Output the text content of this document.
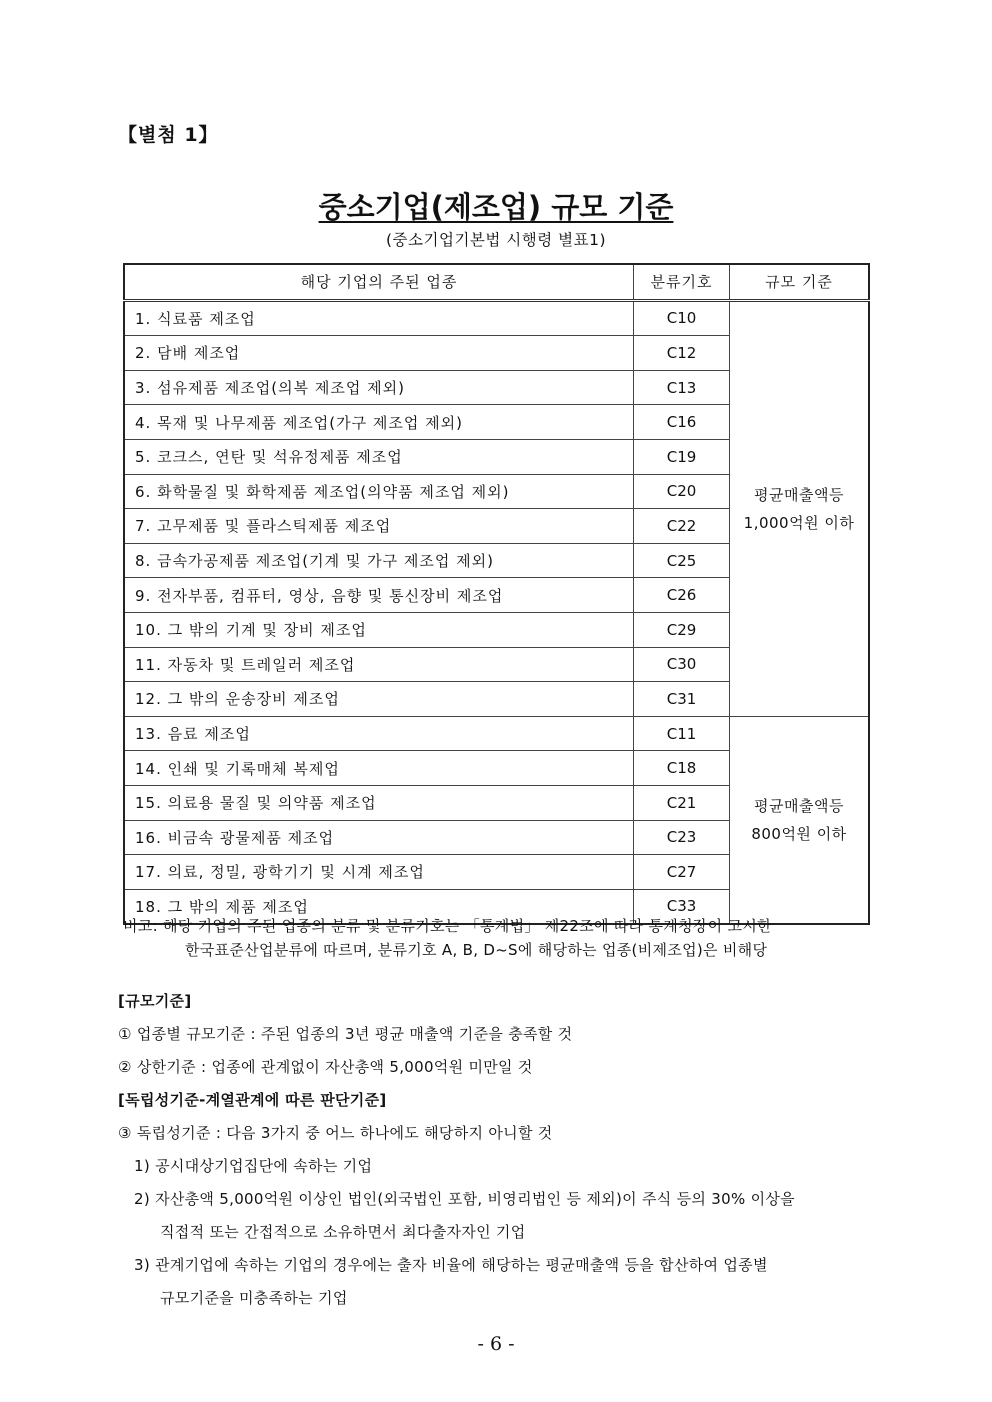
【별첨 1】
중소기업(제조업) 규모 기준
(중소기업기본법 시행령 별표1)
해당 기업의 주된 업종	분류기호	규모 기준
1. 식료품 제조업	C10	평균매출액등
1,000억원 이하

2. 담배 제조업	C12	
3. 섬유제품 제조업(의복 제조업 제외)	C13	
4. 목재 및 나무제품 제조업(가구 제조업 제외)	C16	
5. 코크스, 연탄 및 석유정제품 제조업	C19	
6. 화학물질 및 화학제품 제조업(의약품 제조업 제외)	C20	
7. 고무제품 및 플라스틱제품 제조업	C22	
8. 금속가공제품 제조업(기계 및 가구 제조업 제외)	C25	
9. 전자부품, 컴퓨터, 영상, 음향 및 통신장비 제조업	C26	
10. 그 밖의 기계 및 장비 제조업	C29	
11. 자동차 및 트레일러 제조업	C30	
12. 그 밖의 운송장비 제조업	C31	
13. 음료 제조업	C11	평균매출액등
800억원 이하

14. 인쇄 및 기록매체 복제업	C18	
15. 의료용 물질 및 의약품 제조업	C21	
16. 비금속 광물제품 제조업	C23	
17. 의료, 정밀, 광학기기 및 시계 제조업	C27	
18. 그 밖의 제품 제조업	C33	
비고: 해당 기업의 주된 업종의 분류 및 분류기호는 「통계법」 제22조에 따라 통계청장이 고시한
한국표준산업분류에 따르며, 분류기호 A, B, D~S에 해당하는 업종(비제조업)은 비해당
[규모기준]
① 업종별 규모기준 : 주된 업종의 3년 평균 매출액 기준을 충족할 것
② 상한기준 : 업종에 관계없이 자산총액 5,000억원 미만일 것
[독립성기준-계열관계에 따른 판단기준]
③ 독립성기준 : 다음 3가지 중 어느 하나에도 해당하지 아니할 것
1) 공시대상기업집단에 속하는 기업
2) 자산총액 5,000억원 이상인 법인(외국법인 포함, 비영리법인 등 제외)이 주식 등의 30% 이상을
직접적 또는 간접적으로 소유하면서 최다출자자인 기업
3) 관계기업에 속하는 기업의 경우에는 출자 비율에 해당하는 평균매출액 등을 합산하여 업종별
규모기준을 미충족하는 기업
- 6 -
